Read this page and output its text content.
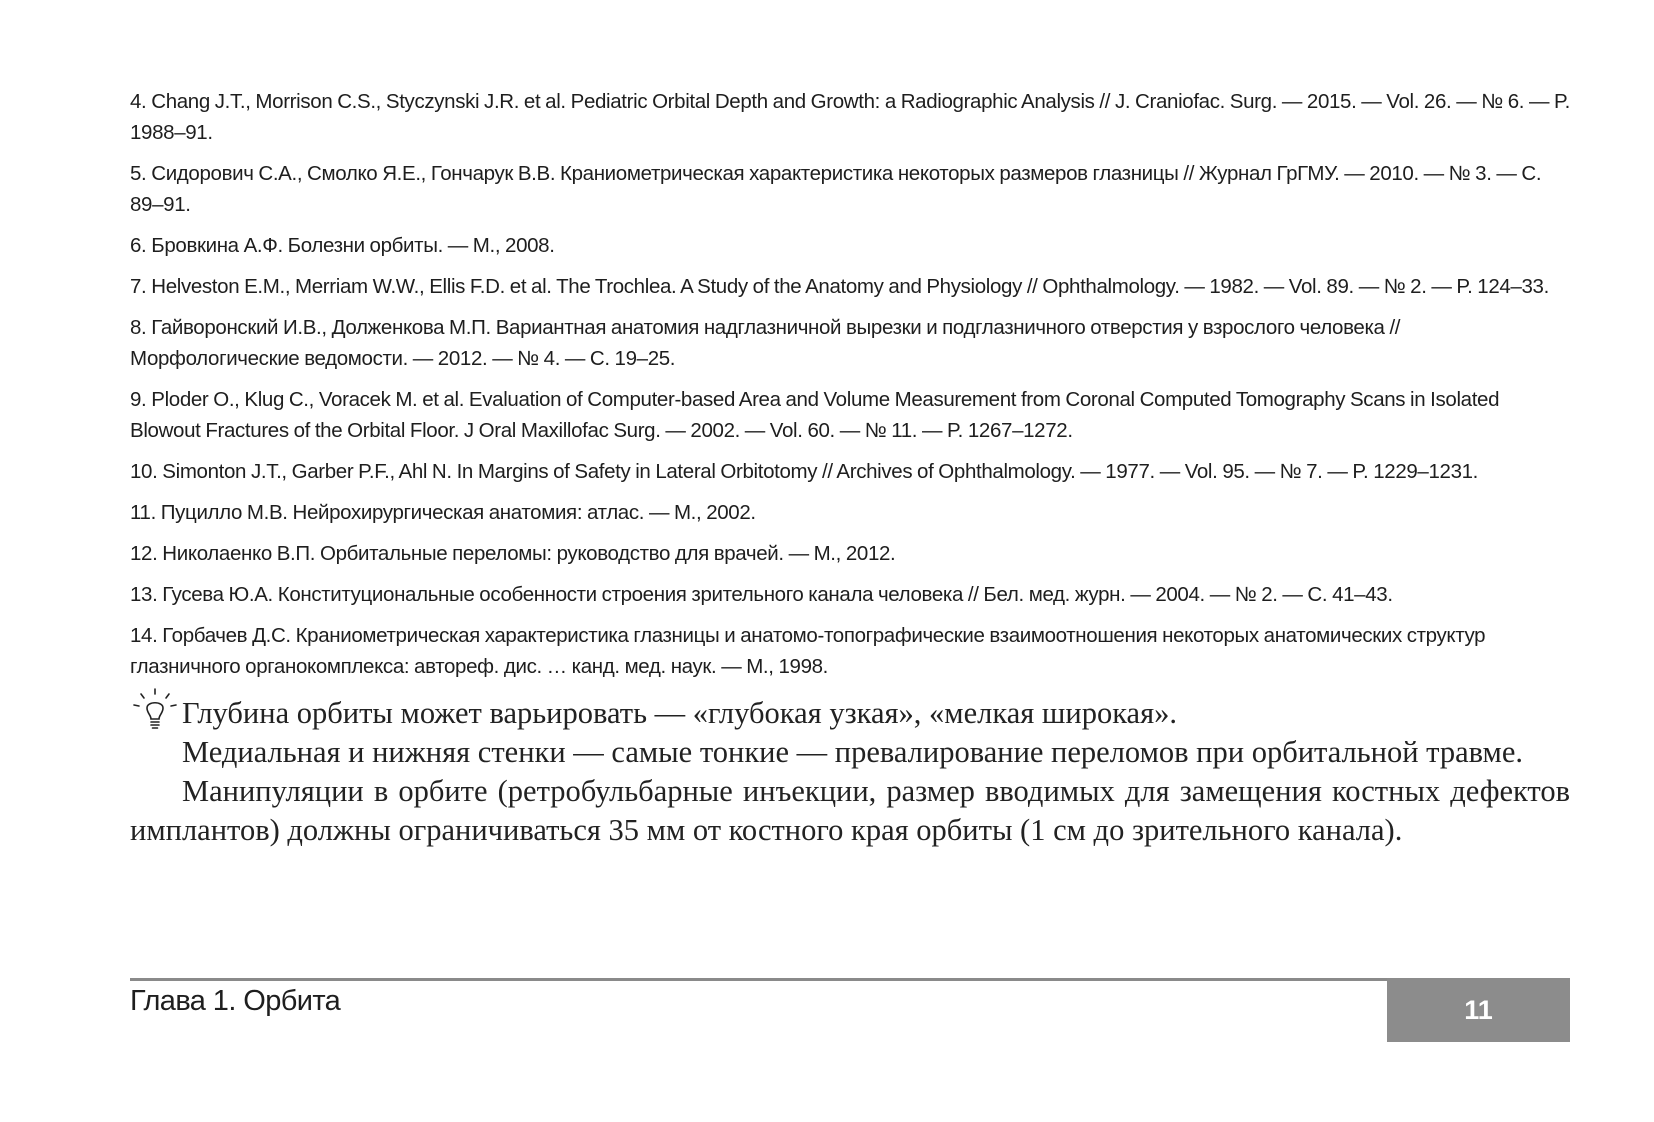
4. Chang J.T., Morrison C.S., Styczynski J.R. et al. Pediatric Orbital Depth and Growth: a Radiographic Analysis // J. Craniofac. Surg. — 2015. — Vol. 26. — № 6. — P. 1988–91.
5. Сидорович С.А., Смолко Я.Е., Гончарук В.В. Краниометрическая характеристика некоторых размеров глазницы // Журнал ГрГМУ. — 2010. — № 3. — С. 89–91.
6. Бровкина А.Ф. Болезни орбиты. — М., 2008.
7. Helveston E.M., Merriam W.W., Ellis F.D. et al. The Trochlea. A Study of the Anatomy and Physiology // Ophthalmology. — 1982. — Vol. 89. — № 2. — P. 124–33.
8. Гайворонский И.В., Долженкова М.П. Вариантная анатомия надглазничной вырезки и подглазничного отверстия у взрослого человека // Морфологические ведомости. — 2012. — № 4. — С. 19–25.
9. Ploder O., Klug C., Voracek M. et al. Evaluation of Computer-based Area and Volume Measurement from Coronal Computed Tomography Scans in Isolated Blowout Fractures of the Orbital Floor. J Oral Maxillofac Surg. — 2002. — Vol. 60. — № 11. — P. 1267–1272.
10. Simonton J.T., Garber P.F., Ahl N. In Margins of Safety in Lateral Orbitotomy // Archives of Ophthalmology. — 1977. — Vol. 95. — № 7. — P. 1229–1231.
11. Пуцилло М.В. Нейрохирургическая анатомия: атлас. — М., 2002.
12. Николаенко В.П. Орбитальные переломы: руководство для врачей. — М., 2012.
13. Гусева Ю.А. Конституциональные особенности строения зрительного канала человека // Бел. мед. журн. — 2004. — № 2. — С. 41–43.
14. Горбачев Д.С. Краниометрическая характеристика глазницы и анатомо-топографические взаимоотношения некоторых анатомических структур глазничного органокомплекса: автореф. дис. … канд. мед. наук. — М., 1998.

Глубина орбиты может варьировать — «глубокая узкая», «мелкая широкая».

Медиальная и нижняя стенки — самые тонкие — превалирование переломов при орбитальной травме.

Манипуляции в орбите (ретробульбарные инъекции, размер вводимых для замещения костных дефектов имплантов) должны ограничиваться 35 мм от костного края орбиты (1 см до зрительного канала).

Глава 1. Орбита	11
